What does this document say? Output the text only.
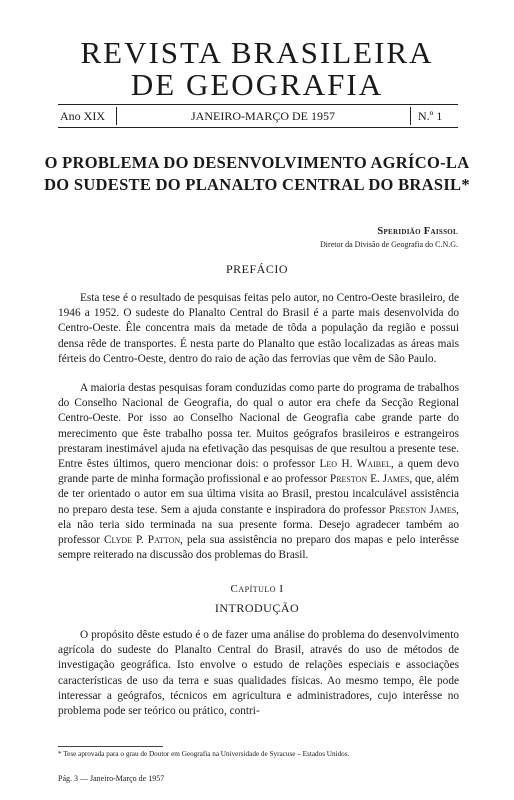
REVISTA BRASILEIRA
DE GEOGRAFIA
Ano XIX	JANEIRO-MARÇO DE 1957	N.º 1
O PROBLEMA DO DESENVOLVIMENTO AGRÍCO-LA DO SUDESTE DO PLANALTO CENTRAL DO BRASIL*
Speridião Faissol
Diretor da Divisão de Geografia do C.N.G.
PREFÁCIO

Esta tese é o resultado de pesquisas feitas pelo autor, no Centro-Oeste brasileiro, de 1946 a 1952. O sudeste do Planalto Central do Brasil é a parte mais desenvolvida do Centro-Oeste. Êle concentra mais da metade de tôda a população da região e possui densa rêde de transportes. É nesta parte do Planalto que estão localizadas as áreas mais férteis do Centro-Oeste, dentro do raio de ação das ferrovias que vêm de São Paulo.

A maioria destas pesquisas foram conduzidas como parte do programa de trabalhos do Conselho Nacional de Geografia, do qual o autor era chefe da Secção Regional Centro-Oeste. Por isso ao Conselho Nacional de Geografia cabe grande parte do merecimento que êste trabalho possa ter. Muitos geógrafos brasileiros e estrangeiros prestaram inestimável ajuda na efetivação das pesquisas de que resultou a presente tese. Entre êstes últimos, quero mencionar dois: o professor Leo H. Waibel, a quem devo grande parte de minha formação profissional e ao professor Preston E. James, que, além de ter orientado o autor em sua última visita ao Brasil, prestou incalculável assistência no preparo desta tese. Sem a ajuda constante e inspiradora do professor Preston James, ela não teria sido terminada na sua presente forma. Desejo agradecer também ao professor Clyde P. Patton, pela sua assistência no preparo dos mapas e pelo interêsse sempre reiterado na discussão dos problemas do Brasil.

Capítulo I
INTRODUÇÃO

O propósito dêste estudo é o de fazer uma análise do problema do desenvolvimento agrícola do sudeste do Planalto Central do Brasil, através do uso de métodos de investigação geográfica. Isto envolve o estudo de relações especiais e associações características de uso da terra e suas qualidades físicas. Ao mesmo tempo, êle pode interessar a geógrafos, técnicos em agricultura e administradores, cujo interêsse no problema pode ser teórico ou prático, contri-

* Tese aprovada para o grau de Doutor em Geografia na Universidade de Syracuse – Estados Unidos.
Pág. 3 — Janeiro-Março de 1957
